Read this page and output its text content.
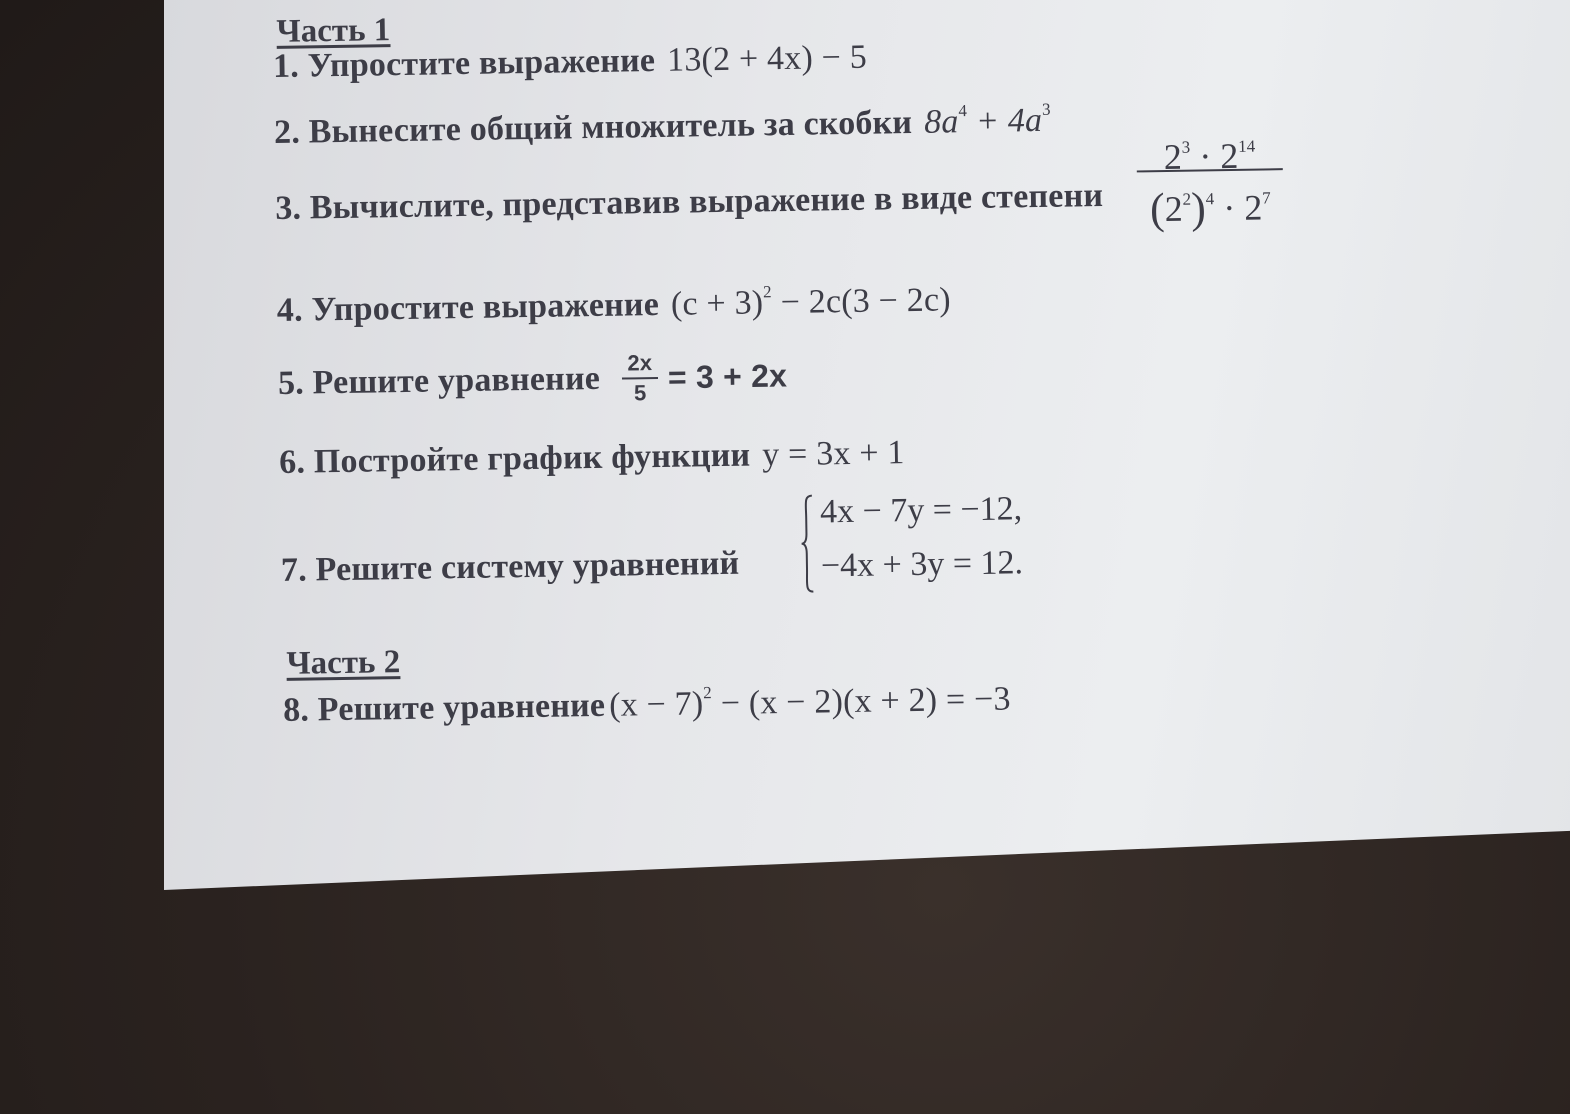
Часть 1
1. Упростите выражение 13(2 + 4x) − 5
2. Вынесите общий множитель за скобки $8a^4 + 4a^3$
3. Вычислите, представив выражение в виде степени
$2^3 \cdot 2^{14}$
$(2^2)^4 \cdot 2^7$
4. Упростите выражение $(c + 3)^2 - 2c(3 - 2c)$
5. Решите уравнение $\frac{2x}{5} = 3 + 2x$
6. Постройте график функции y = 3x + 1
7. Решите систему уравнений
4x − 7y = −12,
−4x + 3y = 12.
Часть 2
8. Решите уравнение $(x - 7)^2 - (x - 2)(x + 2) = -3$
